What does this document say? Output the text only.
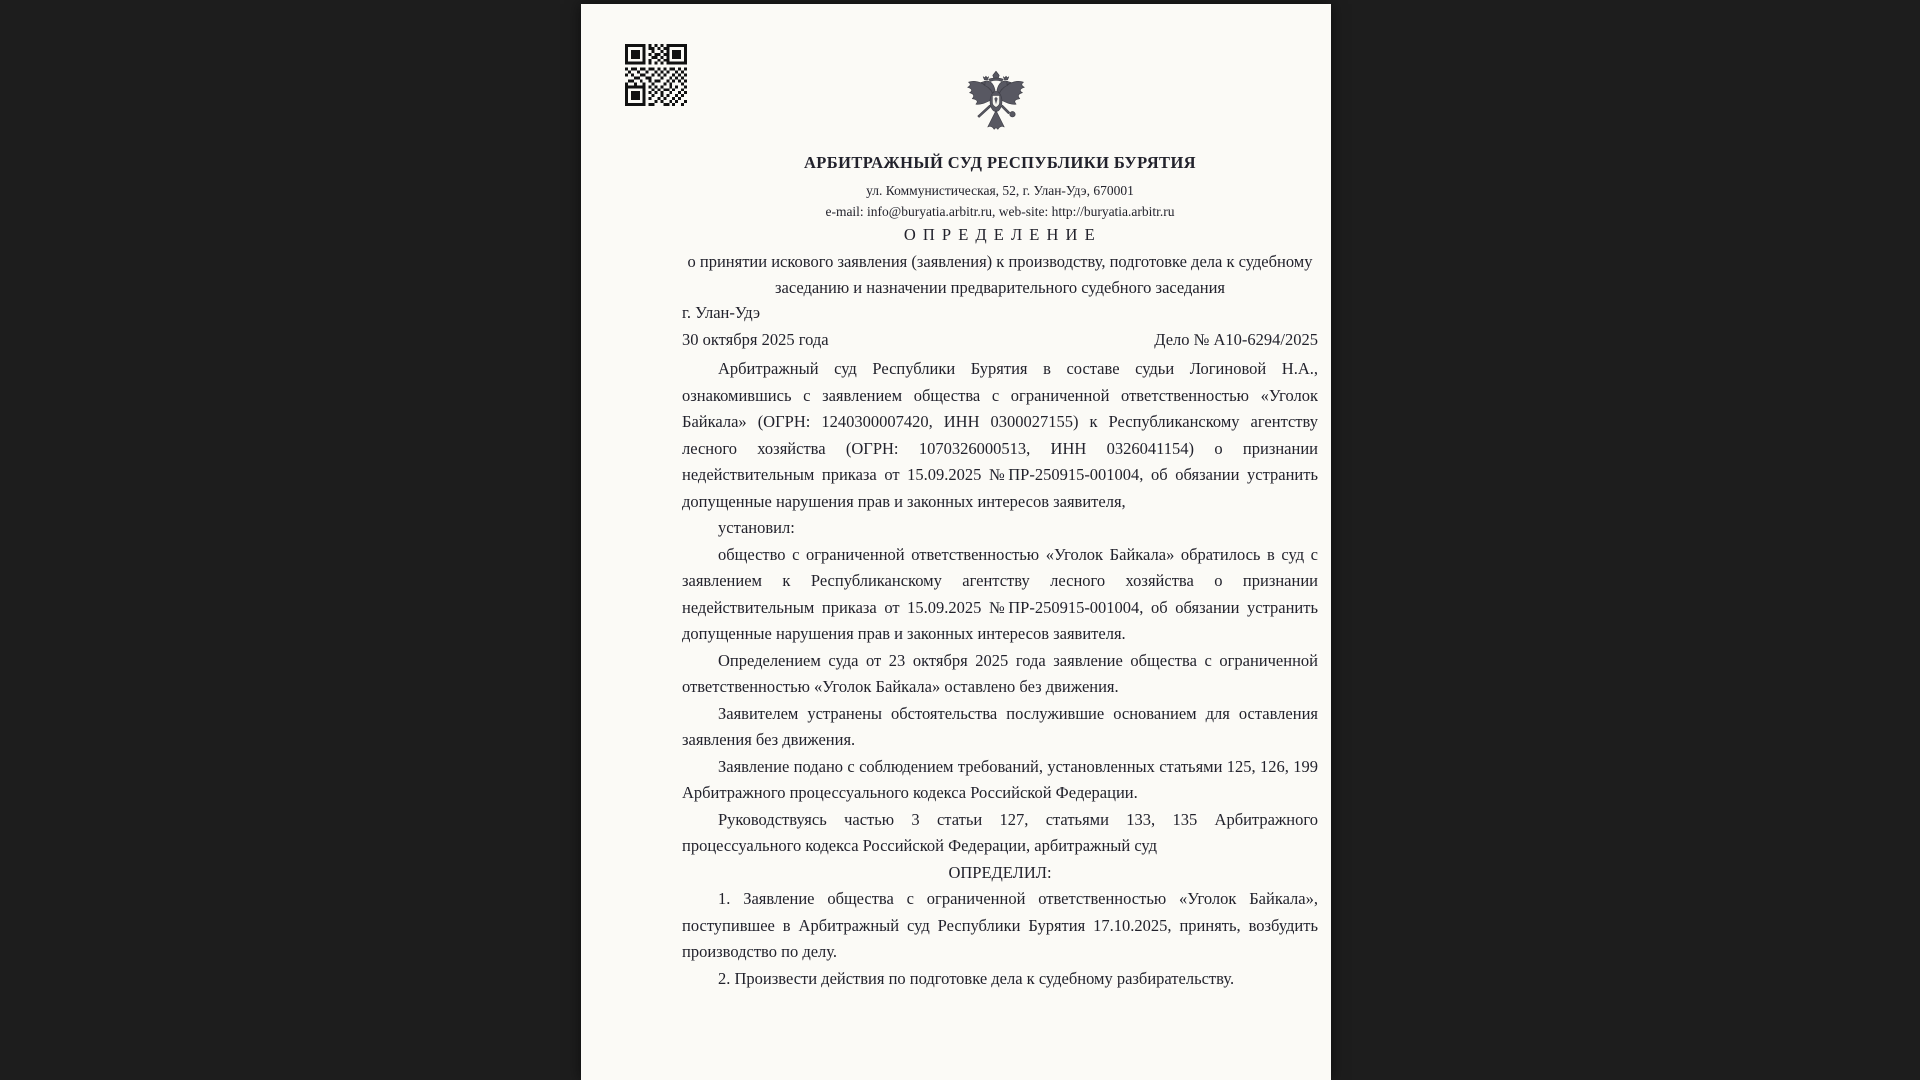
АРБИТРАЖНЫЙ СУД РЕСПУБЛИКИ БУРЯТИЯ
ул. Коммунистическая, 52, г. Улан-Удэ, 670001
e-mail: info@buryatia.arbitr.ru, web-site: http://buryatia.arbitr.ru
О П Р Е Д Е Л Е Н И Е
о принятии искового заявления (заявления) к производству, подготовке дела к судебному
заседанию и назначении предварительного судебного заседания
г. Улан-Удэ
30 октября 2025 года	Дело № А10-6294/2025

Арбитражный суд Республики Бурятия в составе судьи Логиновой Н.А., ознакомившись с заявлением общества с ограниченной ответственностью «Уголок Байкала» (ОГРН: 1240300007420, ИНН 0300027155) к Республиканскому агентству лесного хозяйства (ОГРН: 1070326000513, ИНН 0326041154) о признании недействительным приказа от 15.09.2025 №ПР-250915-001004, об обязании устранить допущенные нарушения прав и законных интересов заявителя,

установил:

общество с ограниченной ответственностью «Уголок Байкала» обратилось в суд с заявлением к Республиканскому агентству лесного хозяйства о признании недействительным приказа от 15.09.2025 №ПР-250915-001004, об обязании устранить допущенные нарушения прав и законных интересов заявителя.

Определением суда от 23 октября 2025 года заявление общества с ограниченной ответственностью «Уголок Байкала» оставлено без движения.

Заявителем устранены обстоятельства послужившие основанием для оставления заявления без движения.

Заявление подано с соблюдением требований, установленных статьями 125, 126, 199 Арбитражного процессуального кодекса Российской Федерации.

Руководствуясь частью 3 статьи 127, статьями 133, 135 Арбитражного процессуального кодекса Российской Федерации, арбитражный суд

ОПРЕДЕЛИЛ:

1. Заявление общества с ограниченной ответственностью «Уголок Байкала», поступившее в Арбитражный суд Республики Бурятия 17.10.2025, принять, возбудить производство по делу.

2. Произвести действия по подготовке дела к судебному разбирательству.
